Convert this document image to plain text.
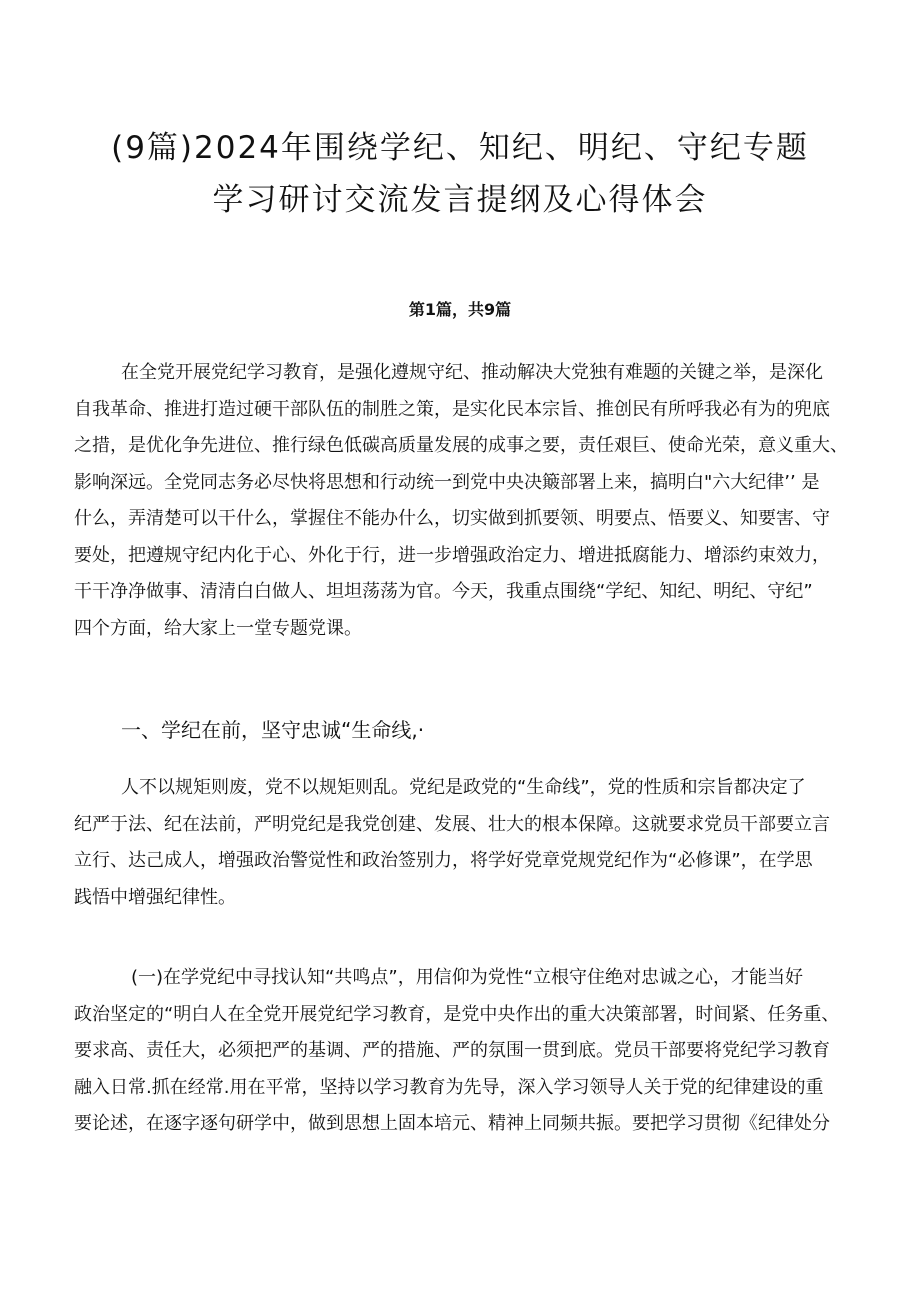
(9篇)2024年围绕学纪、知纪、明纪、守纪专题
学习研讨交流发言提纲及心得体会
第1篇，共9篇
在全党开展党纪学习教育，是强化遵规守纪、推动解决大党独有难题的关键之举，是深化
自我革命、推进打造过硬干部队伍的制胜之策，是实化民本宗旨、推创民有所呼我必有为的兜底
之措，是优化争先进位、推行绿色低碳高质量发展的成事之要，责任艰巨、使命光荣，意义重大、
影响深远。全党同志务必尽快将思想和行动统一到党中央决簸部署上来，搞明白"六大纪律’’ 是
什么，弄清楚可以干什么，掌握住不能办什么，切实做到抓要领、明要点、悟要义、知要害、守
要处，把遵规守纪内化于心、外化于行，进一步增强政治定力、增进抵腐能力、增添约束效力，
干干净净做事、清清白白做人、坦坦荡荡为官。今天，我重点围绕“学纪、知纪、明纪、守纪”
四个方面，给大家上一堂专题党课。
一、学纪在前，坚守忠诚“生命线,·
人不以规矩则废，党不以规矩则乱。党纪是政党的“生命线”，党的性质和宗旨都决定了
纪严于法、纪在法前，严明党纪是我党创建、发展、壮大的根本保障。这就要求党员干部要立言
立行、达己成人，增强政治警觉性和政治签别力，将学好党章党规党纪作为“必修课”，在学思
践悟中增强纪律性。
(一)在学党纪中寻找认知“共鸣点”，用信仰为党性“立根守住绝对忠诚之心，才能当好
政治坚定的“明白人在全党开展党纪学习教育，是党中央作出的重大决策部署，时间紧、任务重、
要求高、责任大，必须把严的基调、严的措施、严的氛围一贯到底。党员干部要将党纪学习教育
融入日常.抓在经常.用在平常，坚持以学习教育为先导，深入学习领导人关于党的纪律建设的重
要论述，在逐字逐句研学中，做到思想上固本培元、精神上同频共振。要把学习贯彻《纪律处分
